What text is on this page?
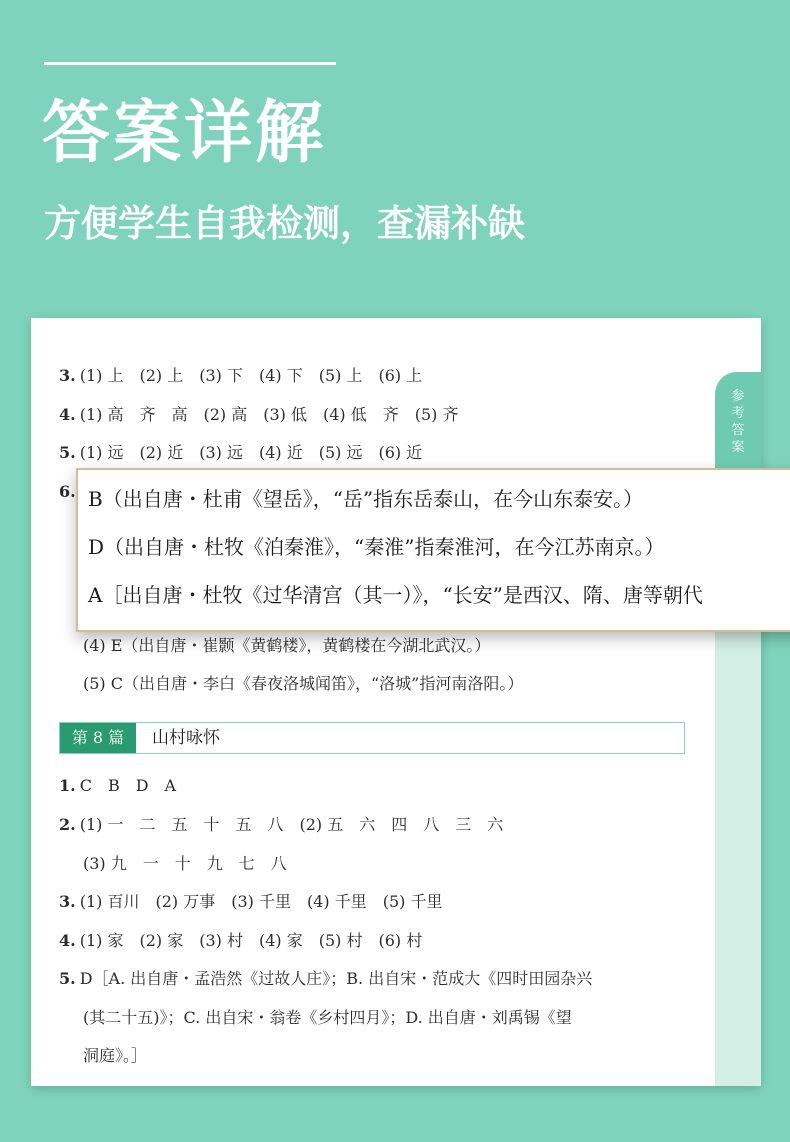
答案详解
方便学生自我检测，查漏补缺
参
考
答
案
3. (1) 上　(2) 上　(3) 下　(4) 下　(5) 上　(6) 上
4. (1) 高　齐　高　(2) 高　(3) 低　(4) 低　齐　(5) 齐
5. (1) 远　(2) 近　(3) 远　(4) 近　(5) 远　(6) 近
6.
(4) E（出自唐・崔颢《黄鹤楼》，黄鹤楼在今湖北武汉。）
(5) C（出自唐・李白《春夜洛城闻笛》，“洛城”指河南洛阳。）
第 8 篇	山村咏怀
1. C　B　D　A
2. (1) 一　二　五　十　五　八　(2) 五　六　四　八　三　六
(3) 九　一　十　九　七　八
3. (1) 百川　(2) 万事　(3) 千里　(4) 千里　(5) 千里
4. (1) 家　(2) 家　(3) 村　(4) 家　(5) 村　(6) 村
5. D［A. 出自唐・孟浩然《过故人庄》；B. 出自宋・范成大《四时田园杂兴
(其二十五)》；C. 出自宋・翁卷《乡村四月》；D. 出自唐・刘禹锡《望
洞庭》。］
B（出自唐・杜甫《望岳》，“岳”指东岳泰山，在今山东泰安。）
D（出自唐・杜牧《泊秦淮》，“秦淮”指秦淮河，在今江苏南京。）
A［出自唐・杜牧《过华清宫（其一）》，“长安”是西汉、隋、唐等朝代
